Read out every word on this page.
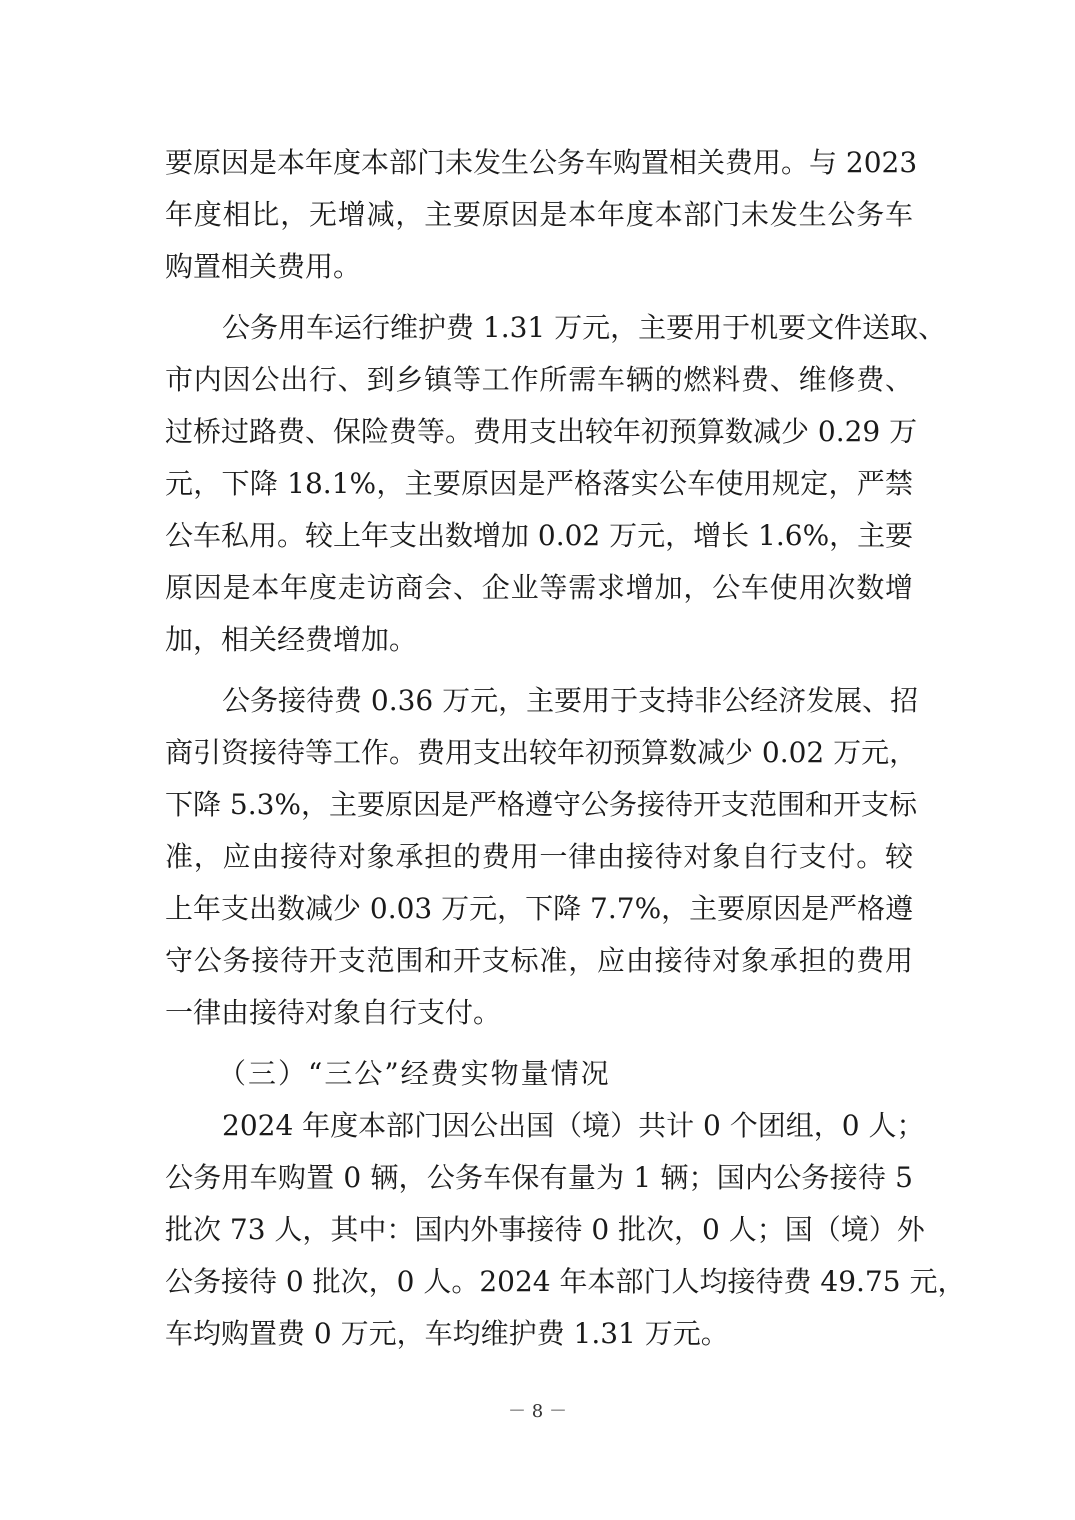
要原因是本年度本部门未发生公务车购置相关费用。与 2023
年度相比，无增减，主要原因是本年度本部门未发生公务车
购置相关费用。
公务用车运行维护费 1.31 万元，主要用于机要文件送取、
市内因公出行、到乡镇等工作所需车辆的燃料费、维修费、
过桥过路费、保险费等。费用支出较年初预算数减少 0.29 万
元，下降 18.1%，主要原因是严格落实公车使用规定，严禁
公车私用。较上年支出数增加 0.02 万元，增长 1.6%，主要
原因是本年度走访商会、企业等需求增加，公车使用次数增
加，相关经费增加。
公务接待费 0.36 万元，主要用于支持非公经济发展、招
商引资接待等工作。费用支出较年初预算数减少 0.02 万元，
下降 5.3%，主要原因是严格遵守公务接待开支范围和开支标
准，应由接待对象承担的费用一律由接待对象自行支付。较
上年支出数减少 0.03 万元，下降 7.7%，主要原因是严格遵
守公务接待开支范围和开支标准，应由接待对象承担的费用
一律由接待对象自行支付。
（三）“三公”经费实物量情况
2024 年度本部门因公出国（境）共计 0 个团组，0 人；
公务用车购置 0 辆，公务车保有量为 1 辆；国内公务接待 5
批次 73 人，其中：国内外事接待 0 批次，0 人；国（境）外
公务接待 0 批次，0 人。2024 年本部门人均接待费 49.75 元，
车均购置费 0 万元，车均维护费 1.31 万元。
－ 8 －
